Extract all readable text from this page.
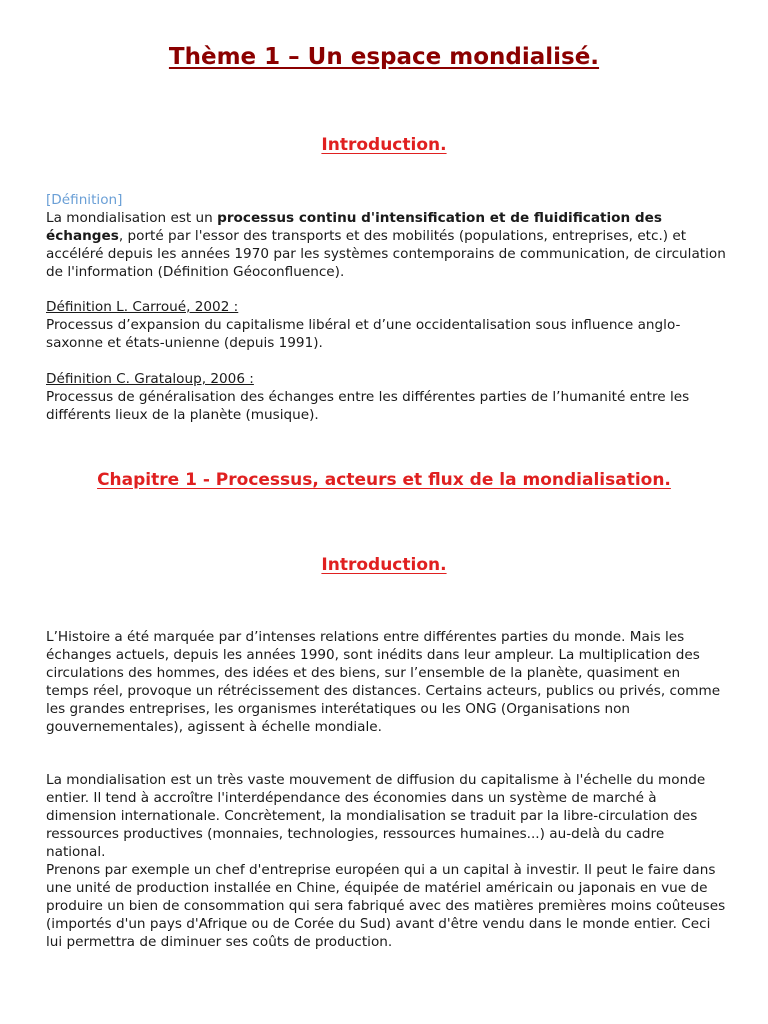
Thème 1 – Un espace mondialisé.
Introduction.

[Définition]

La mondialisation est un processus continu d'intensification et de fluidification des échanges, porté par l'essor des transports et des mobilités (populations, entreprises, etc.) et accéléré depuis les années 1970 par les systèmes contemporains de communication, de circulation de l'information (Définition Géoconfluence).

Définition L. Carroué, 2002 :

Processus d’expansion du capitalisme libéral et d’une occidentalisation sous influence anglo-saxonne et états-unienne (depuis 1991).

Définition C. Grataloup, 2006 :

Processus de généralisation des échanges entre les différentes parties de l’humanité entre les différents lieux de la planète (musique).

Chapitre 1 - Processus, acteurs et flux de la mondialisation.
Introduction.

L’Histoire a été marquée par d’intenses relations entre différentes parties du monde. Mais les échanges actuels, depuis les années 1990, sont inédits dans leur ampleur. La multiplication des circulations des hommes, des idées et des biens, sur l’ensemble de la planète, quasiment en temps réel, provoque un rétrécissement des distances. Certains acteurs, publics ou privés, comme les grandes entreprises, les organismes interétatiques ou les ONG (Organisations non gouvernementales), agissent à échelle mondiale.

La mondialisation est un très vaste mouvement de diffusion du capitalisme à l'échelle du monde entier. Il tend à accroître l'interdépendance des économies dans un système de marché à dimension internationale. Concrètement, la mondialisation se traduit par la libre-circulation des ressources productives (monnaies, technologies, ressources humaines...) au-delà du cadre national.

Prenons par exemple un chef d'entreprise européen qui a un capital à investir. Il peut le faire dans une unité de production installée en Chine, équipée de matériel américain ou japonais en vue de produire un bien de consommation qui sera fabriqué avec des matières premières moins coûteuses (importés d'un pays d'Afrique ou de Corée du Sud) avant d'être vendu dans le monde entier. Ceci lui permettra de diminuer ses coûts de production.
